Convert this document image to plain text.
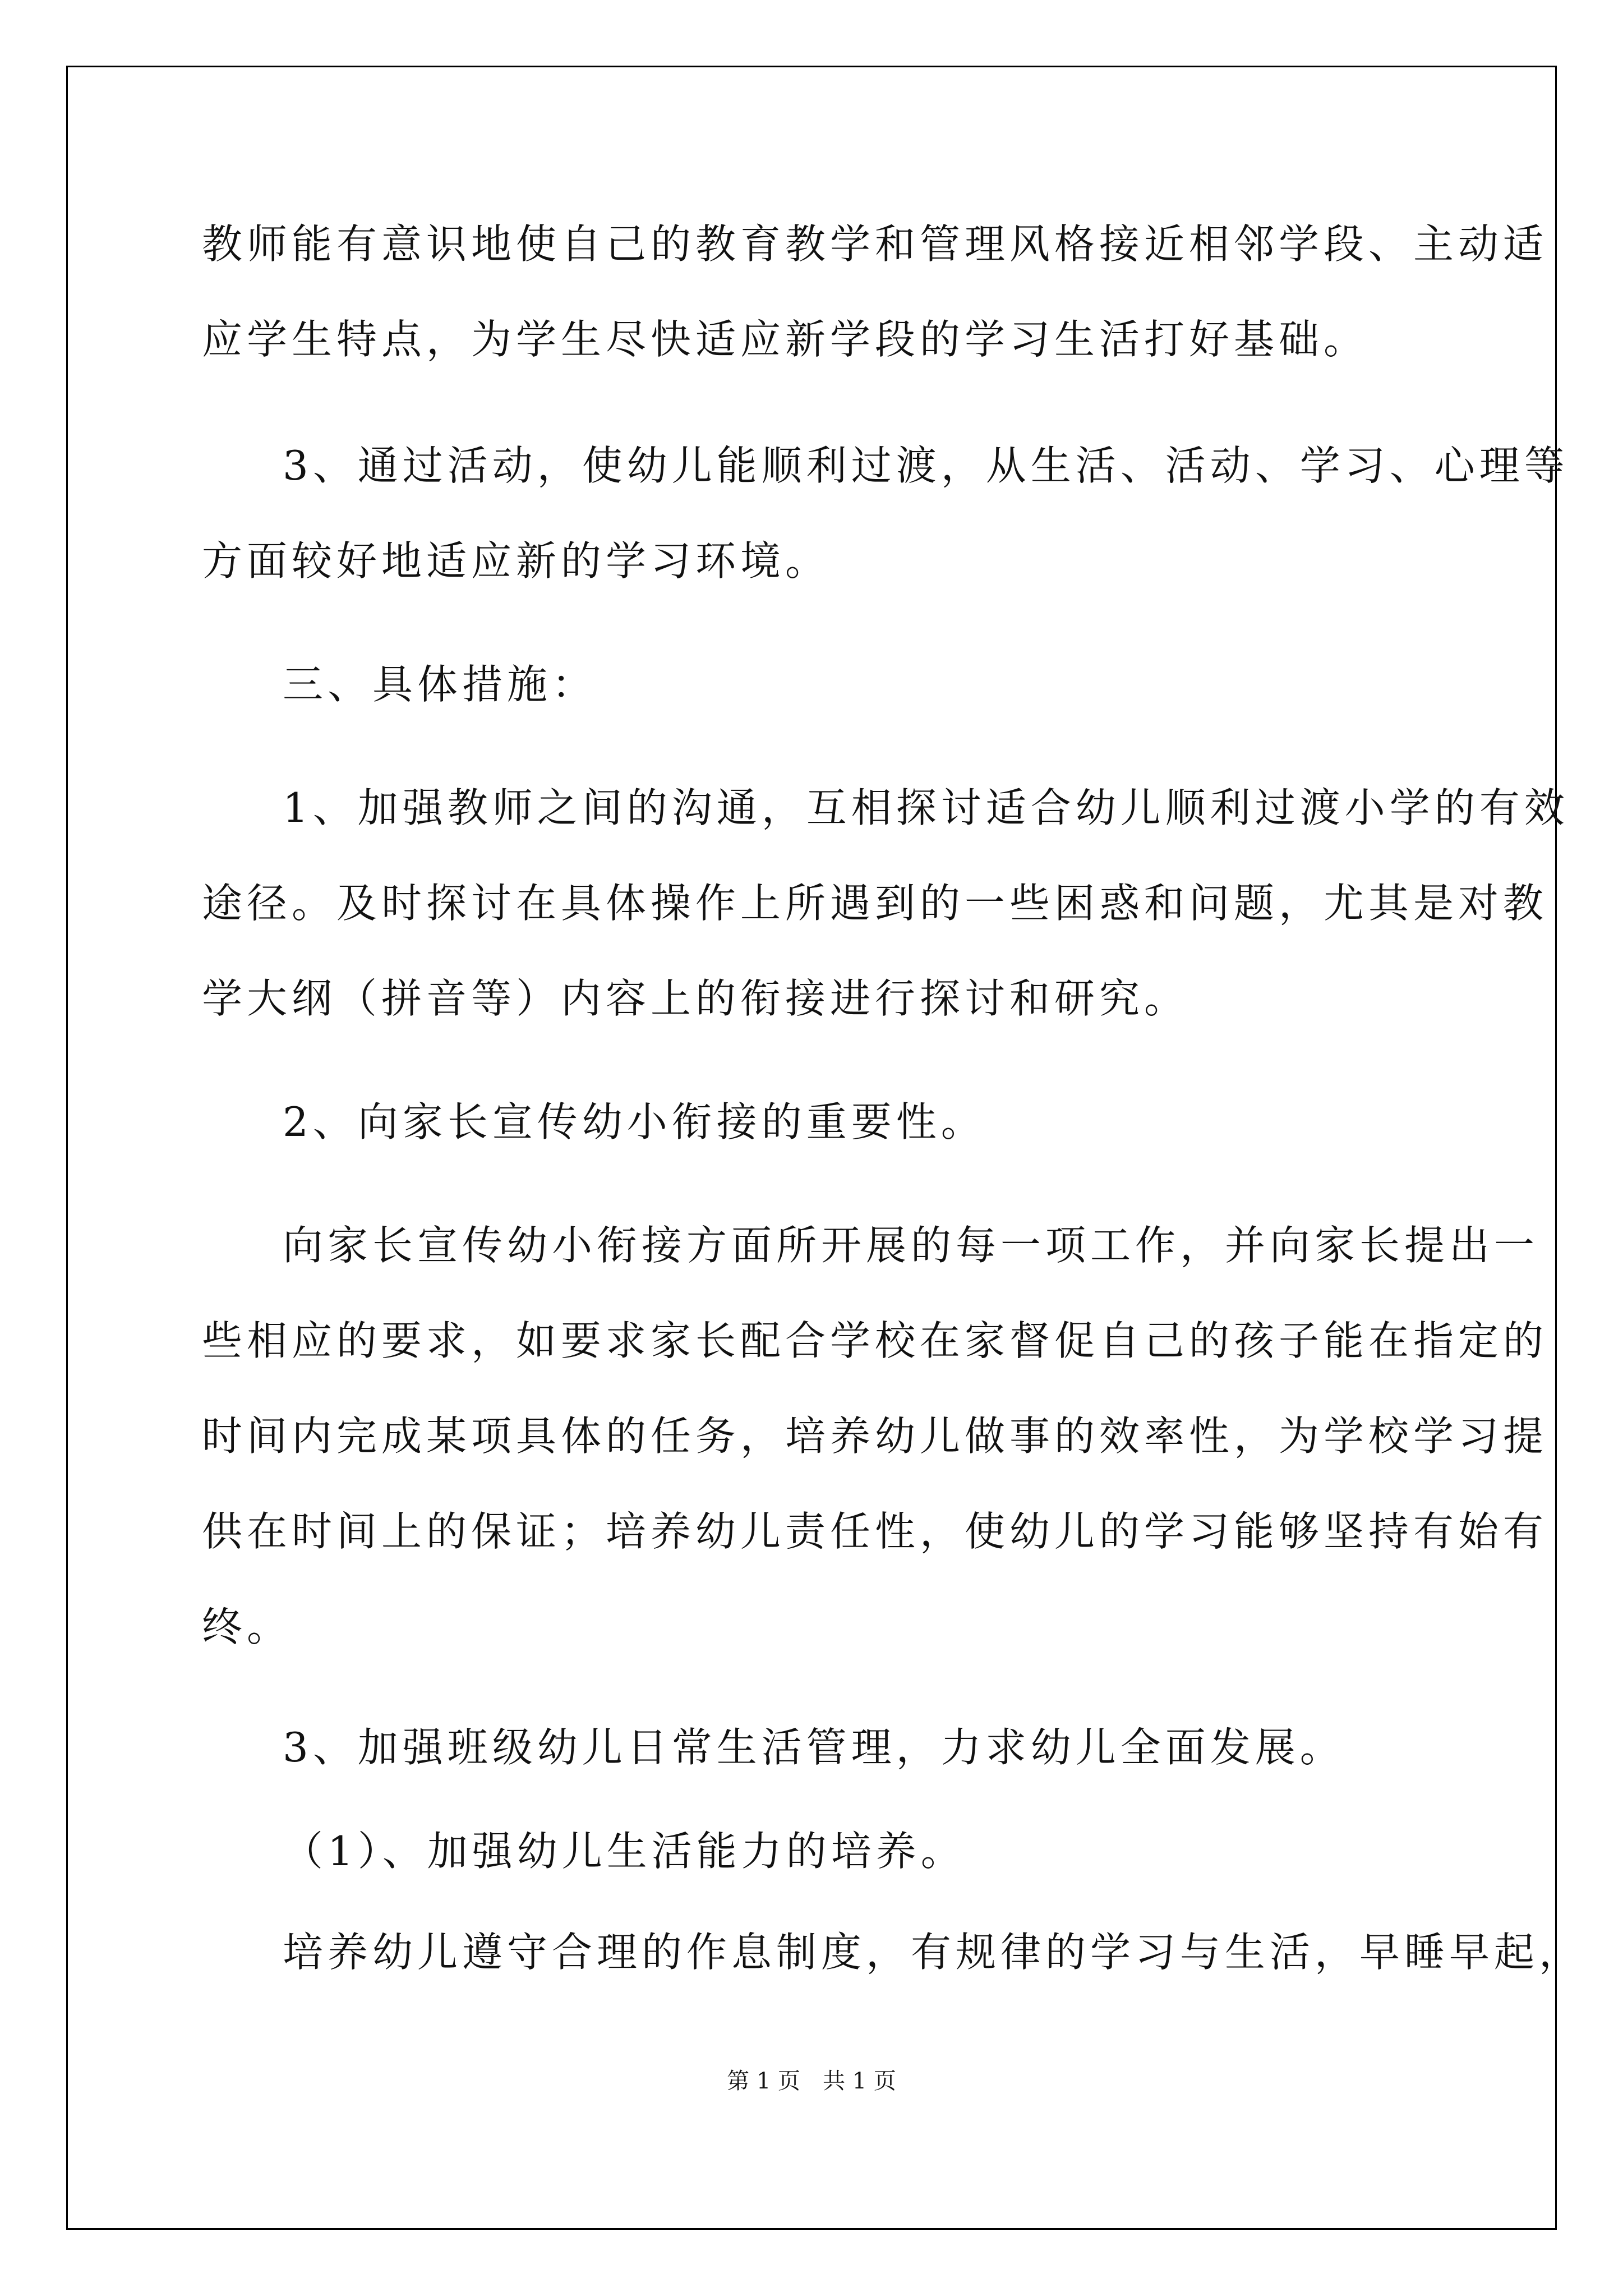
教师能有意识地使自己的教育教学和管理风格接近相邻学段、主动适
应学生特点，为学生尽快适应新学段的学习生活打好基础。
3、通过活动，使幼儿能顺利过渡，从生活、活动、学习、心理等
方面较好地适应新的学习环境。
三、具体措施：
1、加强教师之间的沟通，互相探讨适合幼儿顺利过渡小学的有效
途径。及时探讨在具体操作上所遇到的一些困惑和问题，尤其是对教
学大纲（拼音等）内容上的衔接进行探讨和研究。
2、向家长宣传幼小衔接的重要性。
向家长宣传幼小衔接方面所开展的每一项工作，并向家长提出一
些相应的要求，如要求家长配合学校在家督促自己的孩子能在指定的
时间内完成某项具体的任务，培养幼儿做事的效率性，为学校学习提
供在时间上的保证；培养幼儿责任性，使幼儿的学习能够坚持有始有
终。
3、加强班级幼儿日常生活管理，力求幼儿全面发展。
（1）、加强幼儿生活能力的培养。
培养幼儿遵守合理的作息制度，有规律的学习与生活，早睡早起，
第 1 页　共 1 页
